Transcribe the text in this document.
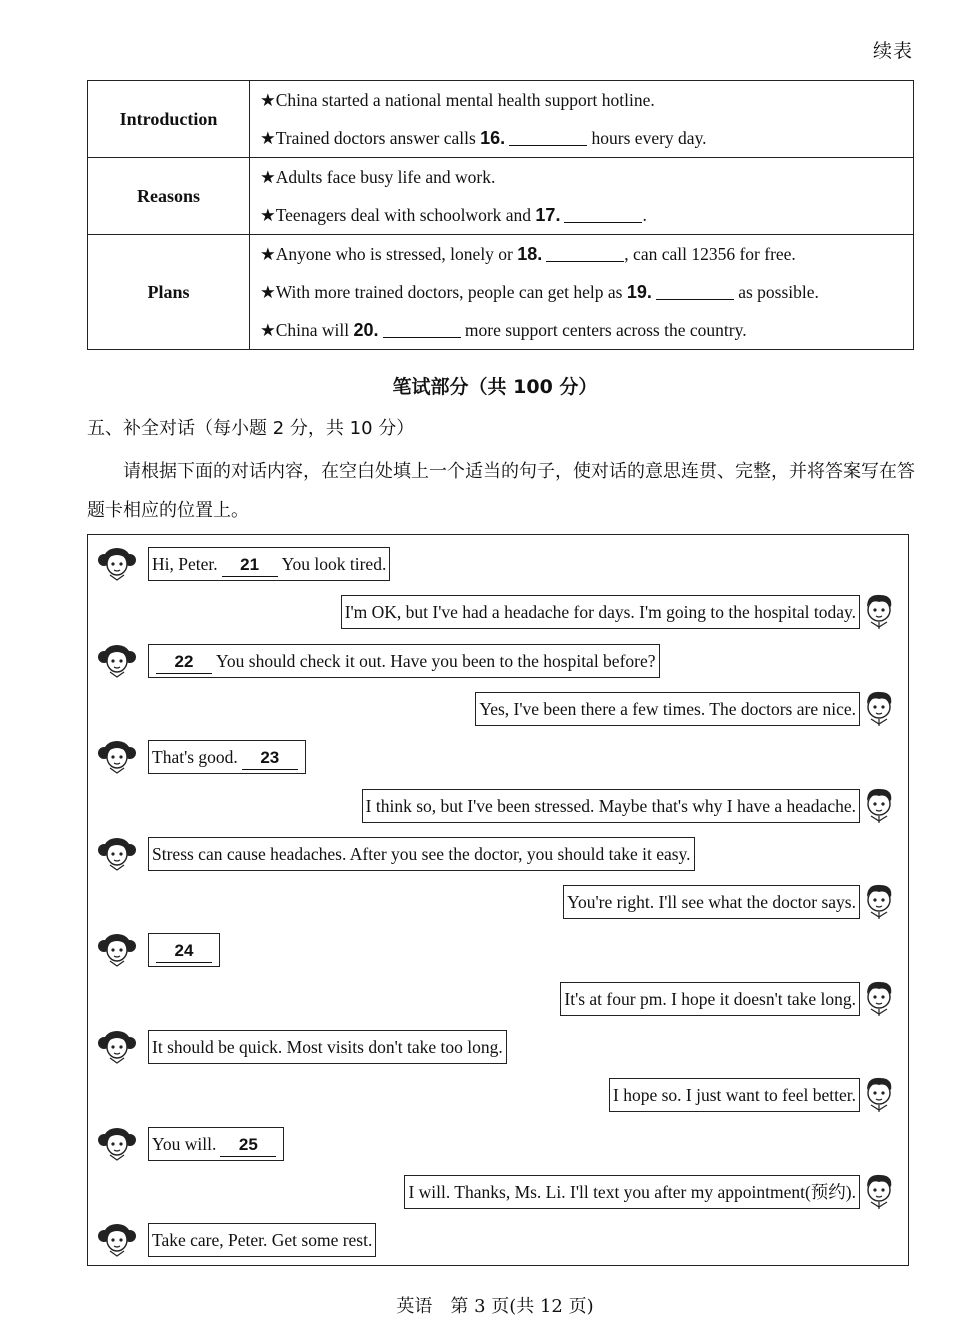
续表
Introduction	★China started a national mental health support hotline.
★Trained doctors answer calls 16. hours every day.

Reasons	★Adults face busy life and work.
★Teenagers deal with schoolwork and 17. .

Plans	★Anyone who is stressed, lonely or 18. , can call 12356 for free.
★With more trained doctors, people can get help as 19. as possible.
★China will 20. more support centers across the country.
笔试部分（共 100 分）
五、补全对话（每小题 2 分，共 10 分）
请根据下面的对话内容，在空白处填上一个适当的句子，使对话的意思连贯、完整，并将答案写在答题卡相应的位置上。
Hi, Peter. 21 You look tired.
I'm OK, but I've had a headache for days. I'm going to the hospital today.
22 You should check it out. Have you been to the hospital before?
Yes, I've been there a few times. The doctors are nice.
That's good. 23
I think so, but I've been stressed. Maybe that's why I have a headache.
Stress can cause headaches. After you see the doctor, you should take it easy.
You're right. I'll see what the doctor says.
24
It's at four pm. I hope it doesn't take long.
It should be quick. Most visits don't take too long.
I hope so. I just want to feel better.
You will. 25
I will. Thanks, Ms. Li. I'll text you after my appointment(预约).
Take care, Peter. Get some rest.
英语　第 3 页(共 12 页)
